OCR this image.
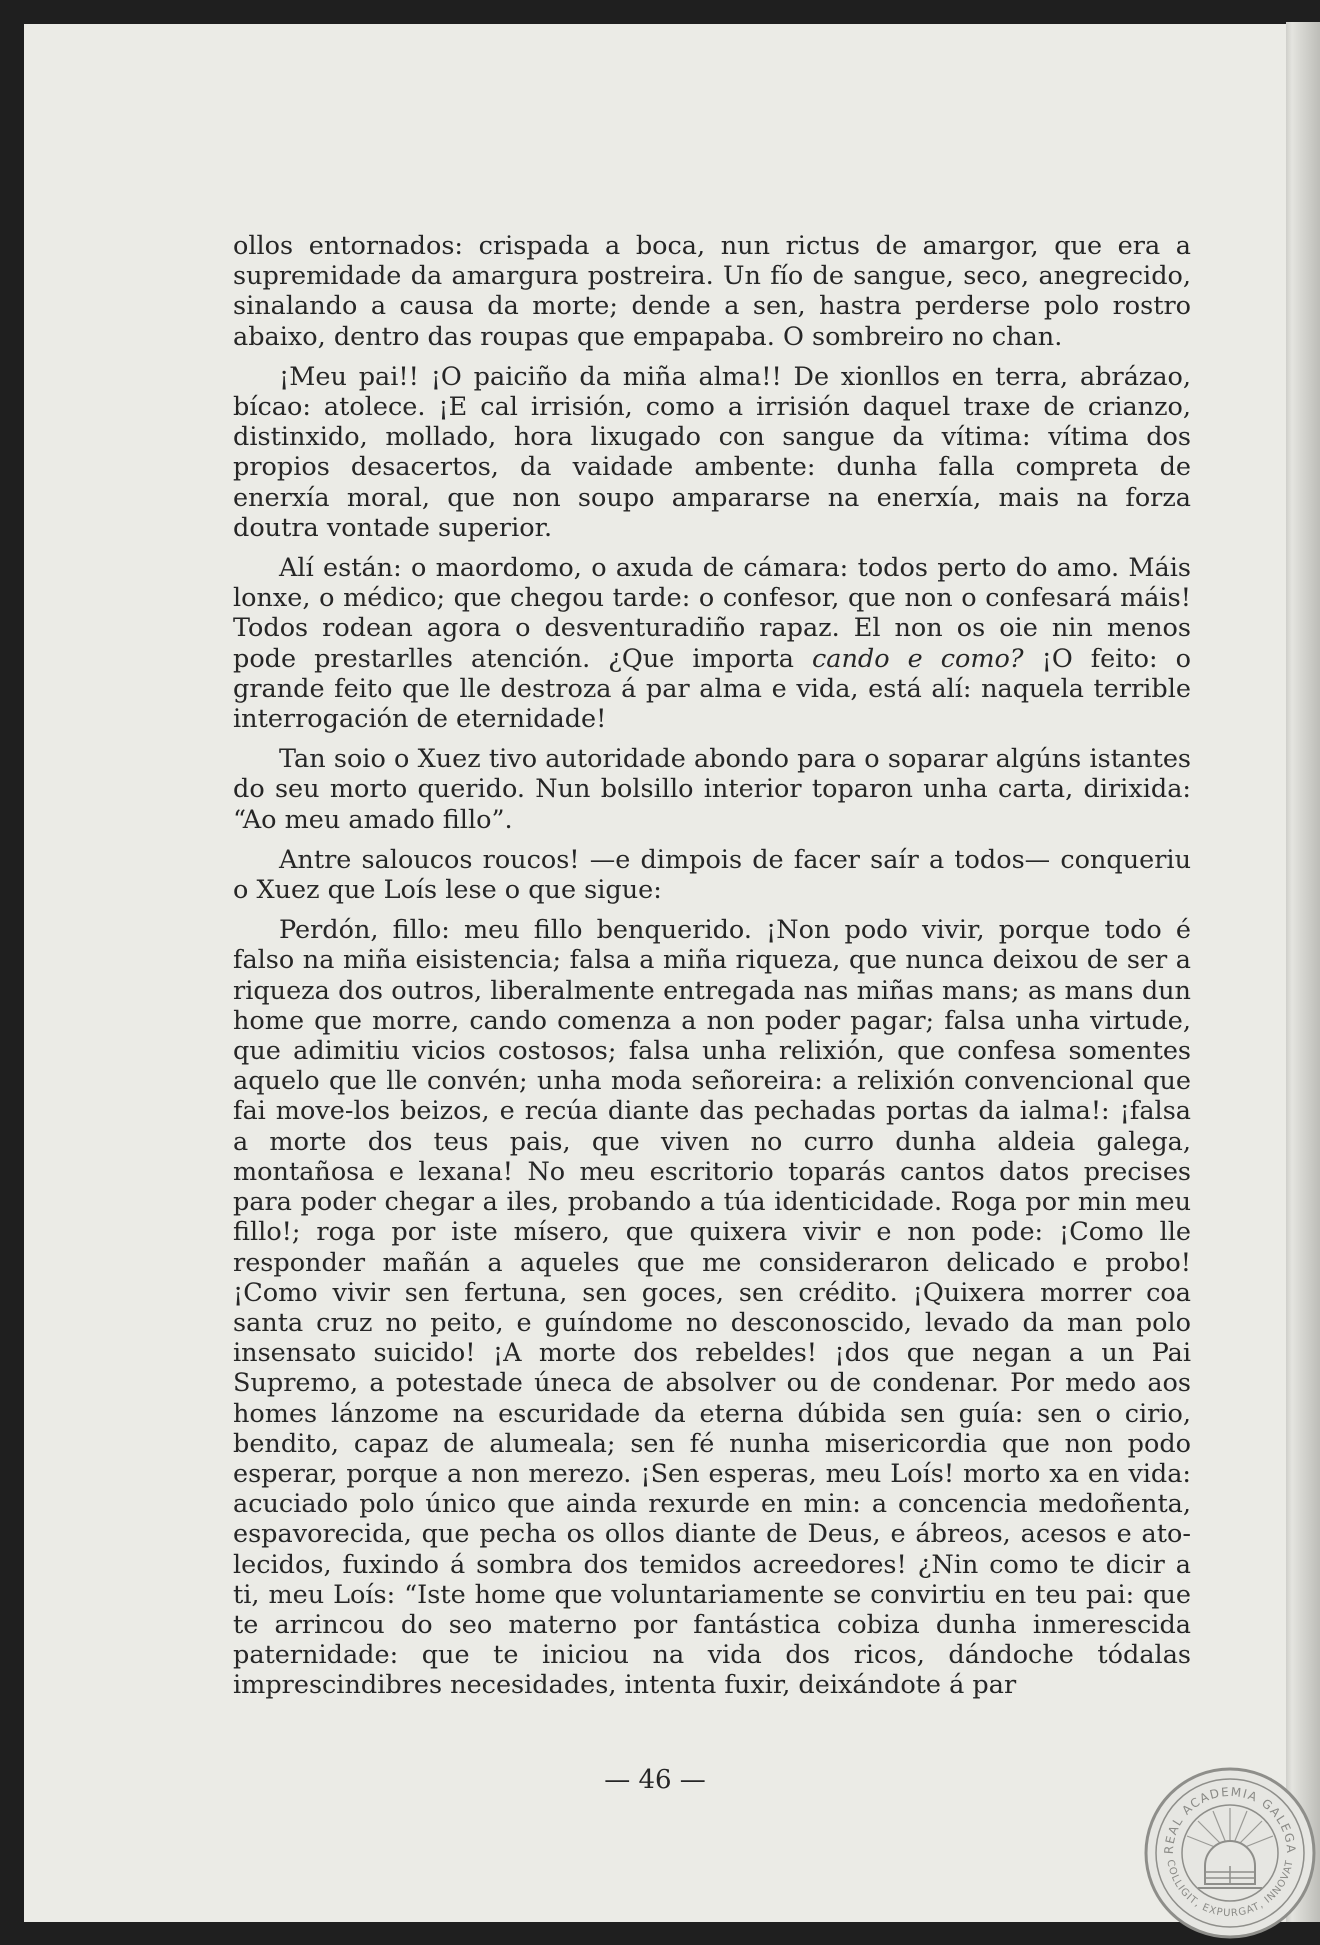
ollos entornados: crispada a boca, nun rictus de amargor, que era a supremidade da amargura postreira. Un fío de sangue, seco, anegrecido, sinalando a causa da morte; dende a sen, hastra perderse polo rostro abaixo, dentro das roupas que empapaba. O sombreiro no chan.

¡Meu pai!! ¡O paiciño da miña alma!! De xionllos en terra, abrázao, bícao: atolece. ¡E cal irrisión, como a irrisión daquel traxe de crianzo, distinxido, mollado, hora lixugado con sangue da vítima: vítima dos propios desacertos, da vaidade ambente: dunha falla compreta de enerxía moral, que non soupo ampararse na enerxía, mais na forza doutra vontade superior.

Alí están: o maordomo, o axuda de cámara: todos perto do amo. Máis lonxe, o médico; que chegou tarde: o confesor, que non o confesará máis! Todos rodean agora o desventuradiño rapaz. El non os oie nin menos pode prestarlles atención. ¿Que importa cando e como? ¡O feito: o grande feito que lle destroza á par alma e vida, está alí: naquela terrible interrogación de eternidade!

Tan soio o Xuez tivo autoridade abondo para o soparar algúns istantes do seu morto querido. Nun bolsillo interior toparon unha carta, dirixida: “Ao meu amado fillo”.

Antre saloucos roucos! —e dimpois de facer saír a todos— conqueriu o Xuez que Loís lese o que sigue:

Perdón, fillo: meu fillo benquerido. ¡Non podo vivir, porque todo é falso na miña eisistencia; falsa a miña riqueza, que nunca deixou de ser a riqueza dos outros, liberalmente entregada nas miñas mans; as mans dun home que morre, cando comenza a non poder pagar; falsa unha virtude, que adimitiu vicios costosos; falsa unha relixión, que confesa somentes aquelo que lle convén; unha moda señoreira: a relixión convencional que fai move-los beizos, e recúa diante das pechadas portas da ialma!: ¡falsa a morte dos teus pais, que viven no curro dunha aldeia galega, montañosa e lexana! No meu escritorio toparás cantos datos precises para poder chegar a iles, probando a túa identicidade. Roga por min meu fillo!; roga por iste mísero, que quixera vivir e non pode: ¡Como lle responder mañán a aqueles que me consideraron delicado e probo! ¡Como vivir sen fertuna, sen goces, sen crédito. ¡Quixera morrer coa santa cruz no peito, e guíndome no desconoscido, levado da man polo insensato suicido! ¡A morte dos rebeldes! ¡dos que negan a un Pai Supremo, a potestade úneca de absolver ou de condenar. Por medo aos homes lánzome na escuridade da eterna dúbida sen guía: sen o cirio, bendito, capaz de alumeala; sen fé nunha misericordia que non podo esperar, porque a non merezo. ¡Sen esperas, meu Loís! morto xa en vida: acuciado polo único que ainda rexurde en min: a concencia medoñenta, espavorecida, que pecha os ollos diante de Deus, e ábreos, acesos e atolecidos, fuxindo á sombra dos temidos acreedores! ¿Nin como te dicir a ti, meu Loís: “Iste home que voluntariamente se convirtiu en teu pai: que te arrincou do seo materno por fantástica cobiza dunha inmerescida paternidade: que te iniciou na vida dos ricos, dándoche tódalas imprescindibres necesidades, intenta fuxir, deixándote á par

— 46 —
REAL ACADEMIA GALEGA
COLLIGIT, EXPURGAT, INNOVAT
